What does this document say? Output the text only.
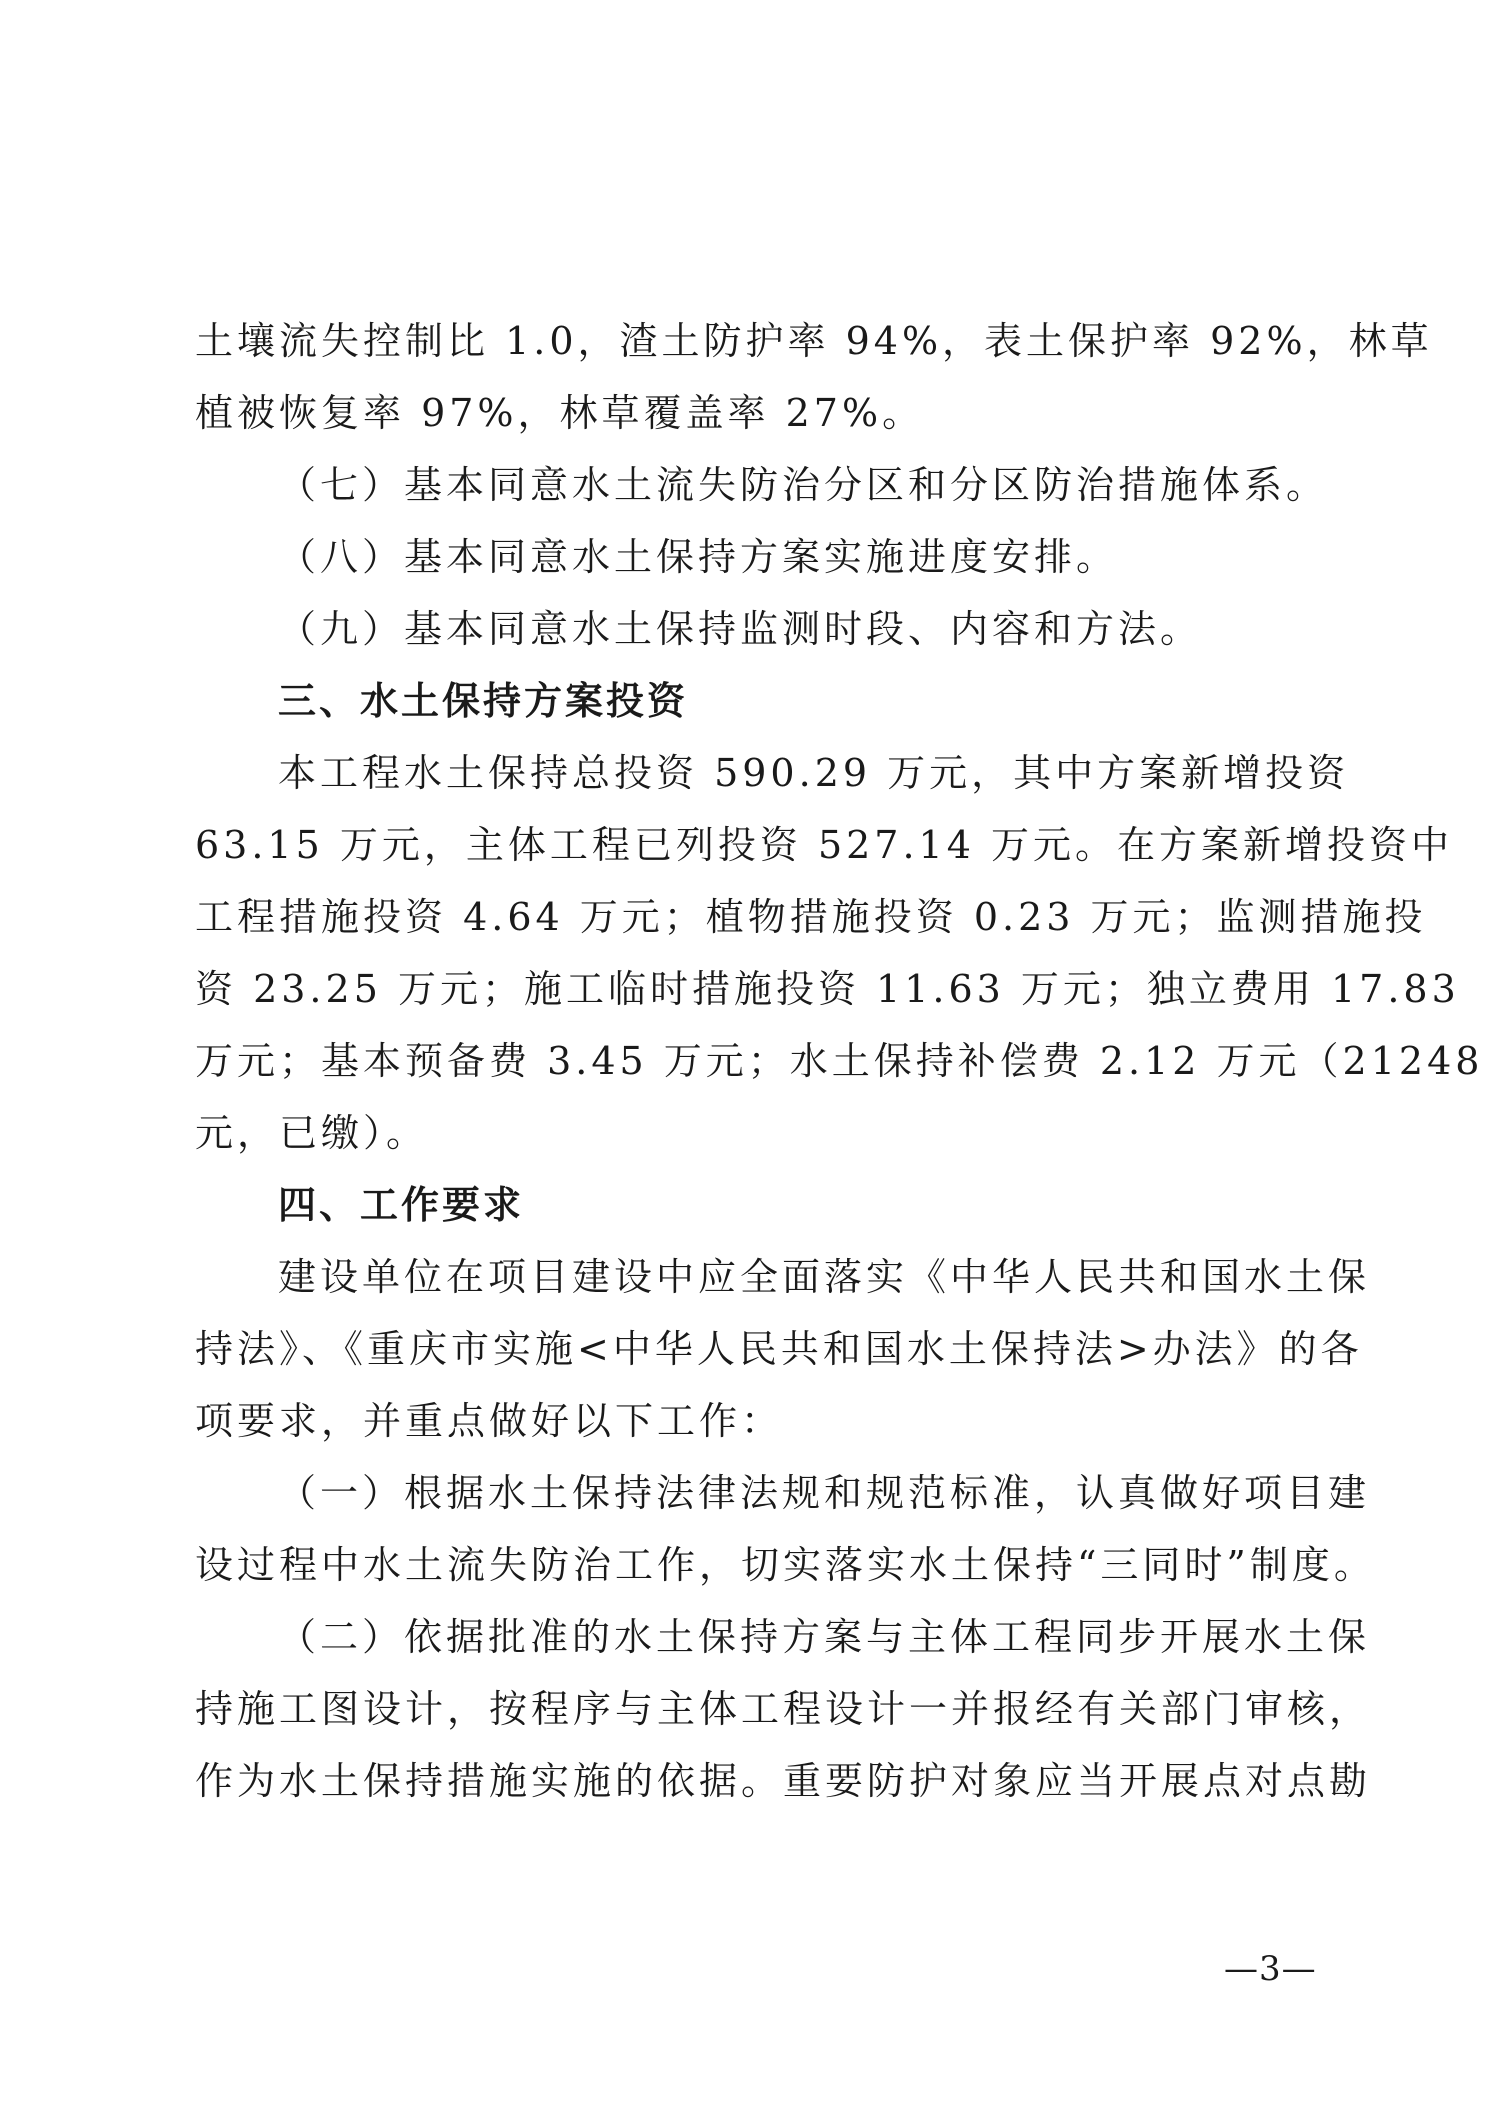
土壤流失控制比 1.0，渣土防护率 94%，表土保护率 92%，林草
植被恢复率 97%，林草覆盖率 27%。
（七）基本同意水土流失防治分区和分区防治措施体系。
（八）基本同意水土保持方案实施进度安排。
（九）基本同意水土保持监测时段、内容和方法。
三、水土保持方案投资
本工程水土保持总投资 590.29 万元，其中方案新增投资
63.15 万元，主体工程已列投资 527.14 万元。在方案新增投资中
工程措施投资 4.64 万元；植物措施投资 0.23 万元；监测措施投
资 23.25 万元；施工临时措施投资 11.63 万元；独立费用 17.83
万元；基本预备费 3.45 万元；水土保持补偿费 2.12 万元（21248
元，已缴）。
四、工作要求
建设单位在项目建设中应全面落实《中华人民共和国水土保
持法》、《重庆市实施<中华人民共和国水土保持法>办法》的各
项要求，并重点做好以下工作：
（一）根据水土保持法律法规和规范标准，认真做好项目建
设过程中水土流失防治工作，切实落实水土保持“三同时”制度。
（二）依据批准的水土保持方案与主体工程同步开展水土保
持施工图设计，按程序与主体工程设计一并报经有关部门审核，
作为水土保持措施实施的依据。重要防护对象应当开展点对点勘
—3—
